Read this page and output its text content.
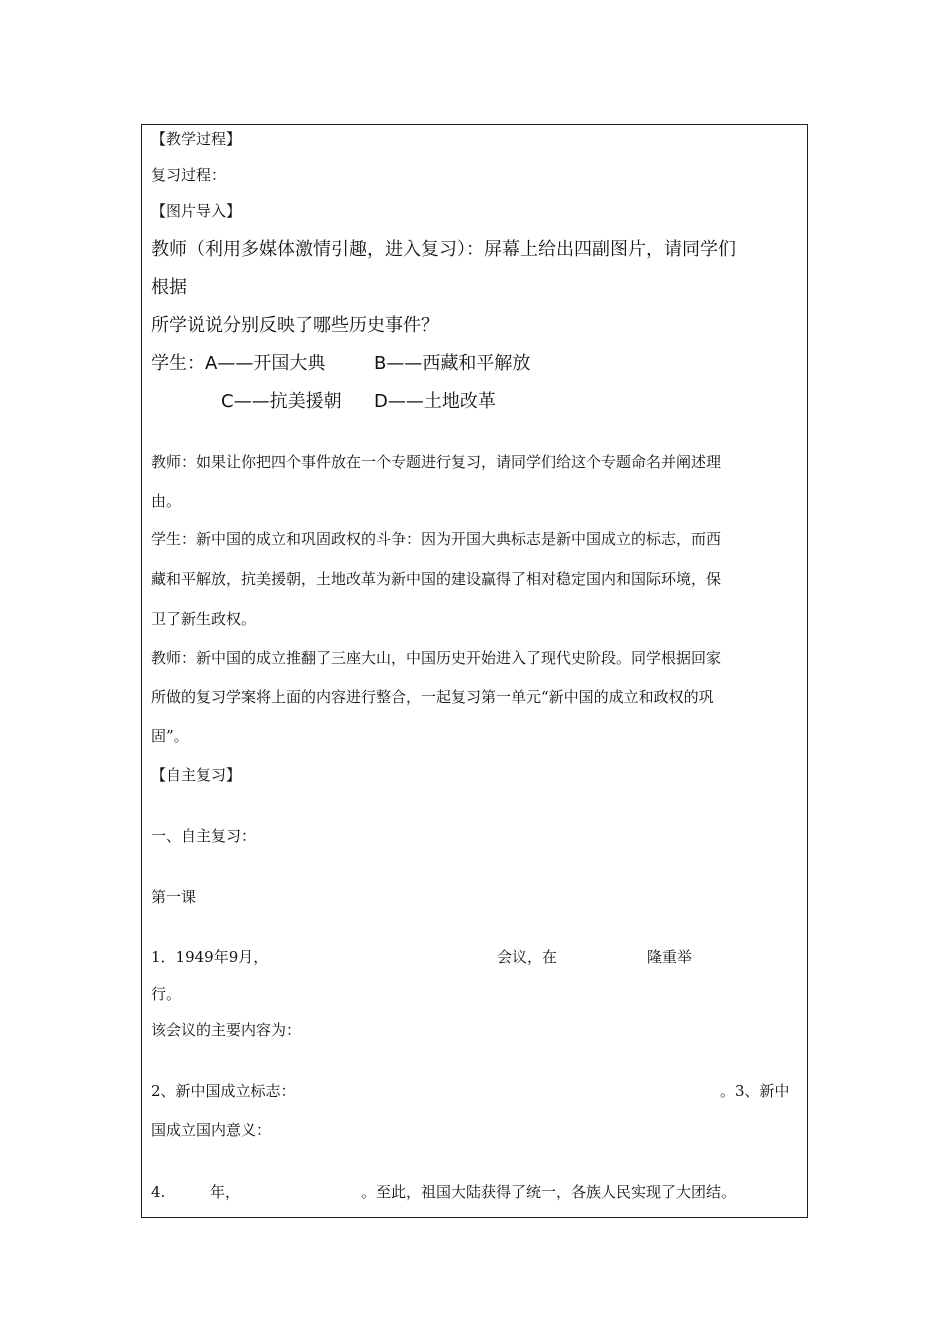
【教学过程】
复习过程：
【图片导入】
教师（利用多媒体激情引趣，进入复习）：屏幕上给出四副图片，请同学们
根据
所学说说分别反映了哪些历史事件？
学生：A——开国大典	B——西藏和平解放
C——抗美援朝 D——土地改革
教师：如果让你把四个事件放在一个专题进行复习，请同学们给这个专题命名并阐述理
由。
学生：新中国的成立和巩固政权的斗争：因为开国大典标志是新中国成立的标志，而西
藏和平解放，抗美援朝，土地改革为新中国的建设赢得了相对稳定国内和国际环境，保
卫了新生政权。
教师：新中国的成立推翻了三座大山，中国历史开始进入了现代史阶段。同学根据回家
所做的复习学案将上面的内容进行整合，一起复习第一单元“新中国的成立和政权的巩
固”。
【自主复习】
一、自主复习：
第一课
1．1949年9月，	会议，在	隆重举
行。
该会议的主要内容为：
2、新中国成立标志：	。3、新中
国成立国内意义：
4.	年，	。至此，祖国大陆获得了统一，各族人民实现了大团结。
